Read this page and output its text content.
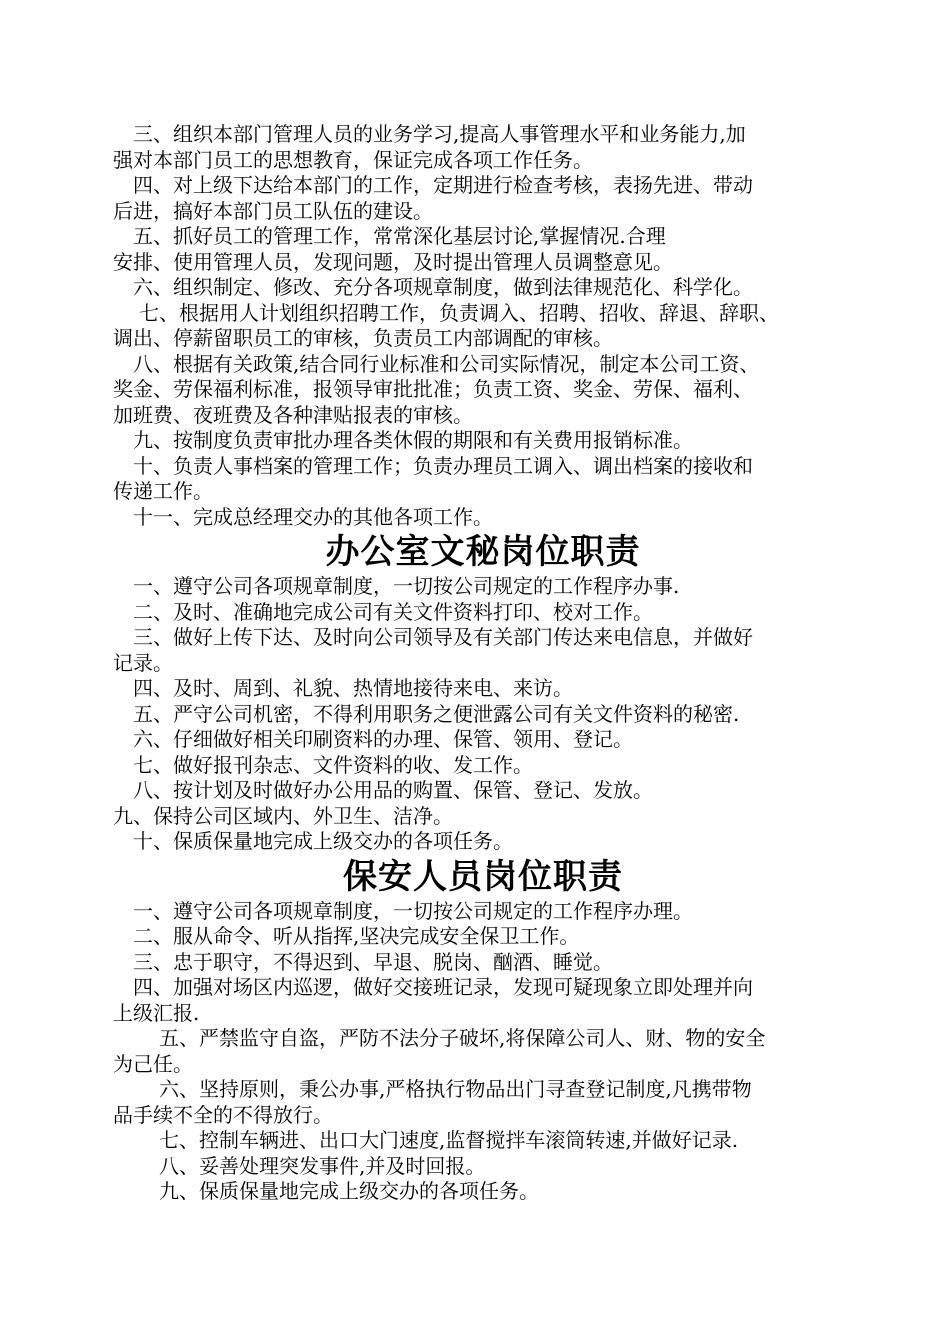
三、组织本部门管理人员的业务学习,提高人事管理水平和业务能力,加
强对本部门员工的思想教育，保证完成各项工作任务。
四、对上级下达给本部门的工作，定期进行检查考核，表扬先进、带动
后进，搞好本部门员工队伍的建设。
五、抓好员工的管理工作，常常深化基层讨论,掌握情况.合理
安排、使用管理人员，发现问题，及时提出管理人员调整意见。
六、组织制定、修改、充分各项规章制度，做到法律规范化、科学化。
七、根据用人计划组织招聘工作，负责调入、招聘、招收、辞退、辞职、
调出、停薪留职员工的审核，负责员工内部调配的审核。
八、根据有关政策,结合同行业标准和公司实际情况，制定本公司工资、
奖金、劳保福利标准，报领导审批批准；负责工资、奖金、劳保、福利、
加班费、夜班费及各种津贴报表的审核。
九、按制度负责审批办理各类休假的期限和有关费用报销标准。
十、负责人事档案的管理工作；负责办理员工调入、调出档案的接收和
传递工作。
十一、完成总经理交办的其他各项工作。
办公室文秘岗位职责
一、遵守公司各项规章制度，一切按公司规定的工作程序办事.
二、及时、准确地完成公司有关文件资料打印、校对工作。
三、做好上传下达、及时向公司领导及有关部门传达来电信息，并做好
记录。
四、及时、周到、礼貌、热情地接待来电、来访。
五、严守公司机密，不得利用职务之便泄露公司有关文件资料的秘密.
六、仔细做好相关印刷资料的办理、保管、领用、登记。
七、做好报刊杂志、文件资料的收、发工作。
八、按计划及时做好办公用品的购置、保管、登记、发放。
九、保持公司区域内、外卫生、洁净。
十、保质保量地完成上级交办的各项任务。
保安人员岗位职责
一、遵守公司各项规章制度，一切按公司规定的工作程序办理。
二、服从命令、听从指挥,坚决完成安全保卫工作。
三、忠于职守，不得迟到、早退、脱岗、酗酒、睡觉。
四、加强对场区内巡逻，做好交接班记录，发现可疑现象立即处理并向
上级汇报.
五、严禁监守自盗，严防不法分子破坏,将保障公司人、财、物的安全
为己任。
六、坚持原则，秉公办事,严格执行物品出门寻查登记制度,凡携带物
品手续不全的不得放行。
七、控制车辆进、出口大门速度,监督搅拌车滚筒转速,并做好记录.
八、妥善处理突发事件,并及时回报。
九、保质保量地完成上级交办的各项任务。
